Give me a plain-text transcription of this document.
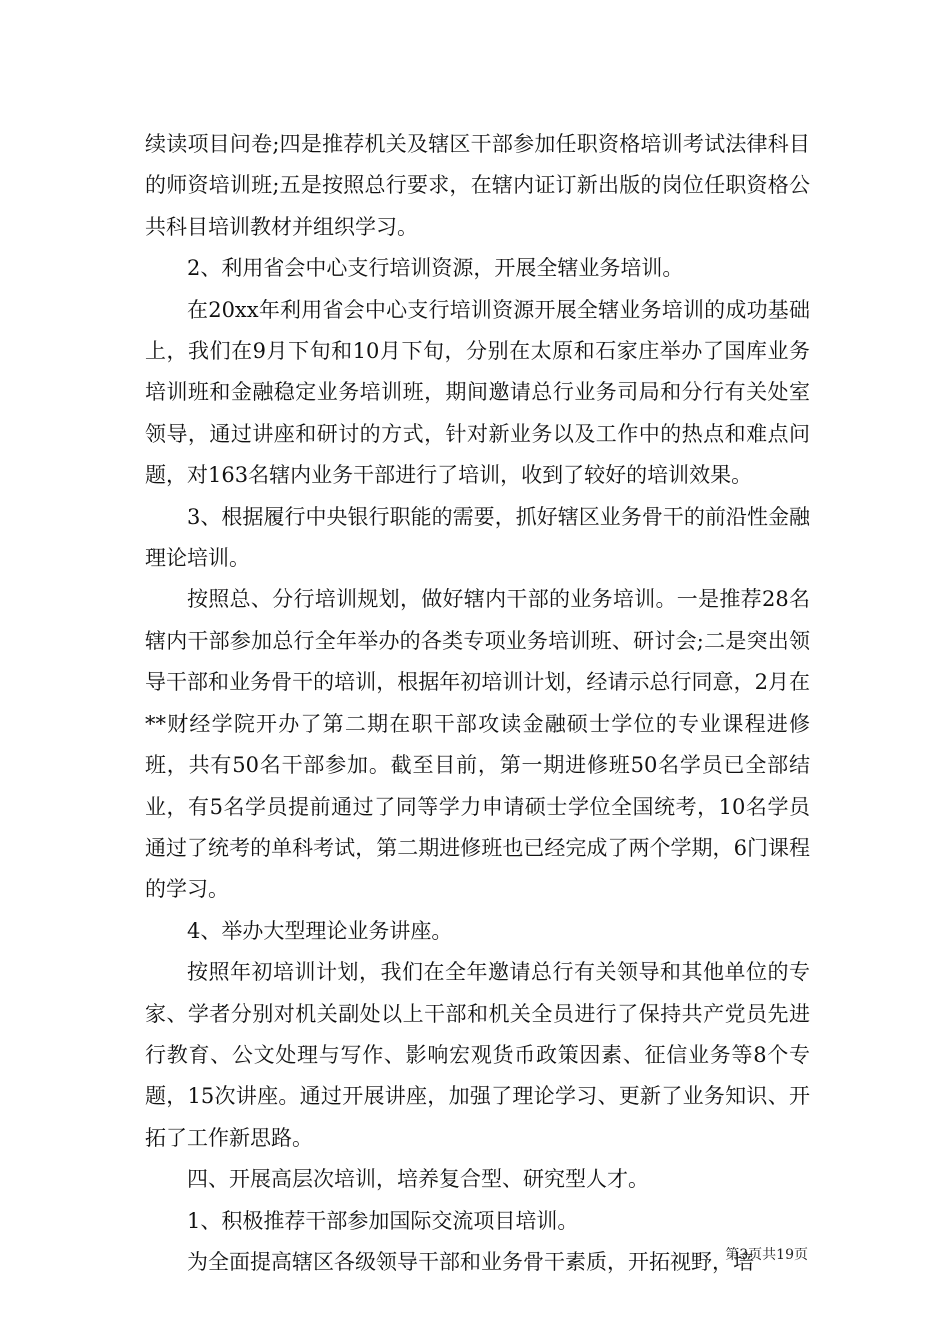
续读项目问卷;四是推荐机关及辖区干部参加任职资格培训考试法律科目的师资培训班;五是按照总行要求，在辖内证订新出版的岗位任职资格公共科目培训教材并组织学习。

2、利用省会中心支行培训资源，开展全辖业务培训。

在20xx年利用省会中心支行培训资源开展全辖业务培训的成功基础上，我们在9月下旬和10月下旬，分别在太原和石家庄举办了国库业务培训班和金融稳定业务培训班，期间邀请总行业务司局和分行有关处室领导，通过讲座和研讨的方式，针对新业务以及工作中的热点和难点问题，对163名辖内业务干部进行了培训，收到了较好的培训效果。

3、根据履行中央银行职能的需要，抓好辖区业务骨干的前沿性金融理论培训。

按照总、分行培训规划，做好辖内干部的业务培训。一是推荐28名辖内干部参加总行全年举办的各类专项业务培训班、研讨会;二是突出领导干部和业务骨干的培训，根据年初培训计划，经请示总行同意，2月在**财经学院开办了第二期在职干部攻读金融硕士学位的专业课程进修班，共有50名干部参加。截至目前，第一期进修班50名学员已全部结业，有5名学员提前通过了同等学力申请硕士学位全国统考，10名学员通过了统考的单科考试，第二期进修班也已经完成了两个学期，6门课程的学习。

4、举办大型理论业务讲座。

按照年初培训计划，我们在全年邀请总行有关领导和其他单位的专家、学者分别对机关副处以上干部和机关全员进行了保持共产党员先进行教育、公文处理与写作、影响宏观货币政策因素、征信业务等8个专题，15次讲座。通过开展讲座，加强了理论学习、更新了业务知识、开拓了工作新思路。

四、开展高层次培训，培养复合型、研究型人才。

1、积极推荐干部参加国际交流项目培训。

为全面提高辖区各级领导干部和业务骨干素质，开拓视野，培

第3页共19页
